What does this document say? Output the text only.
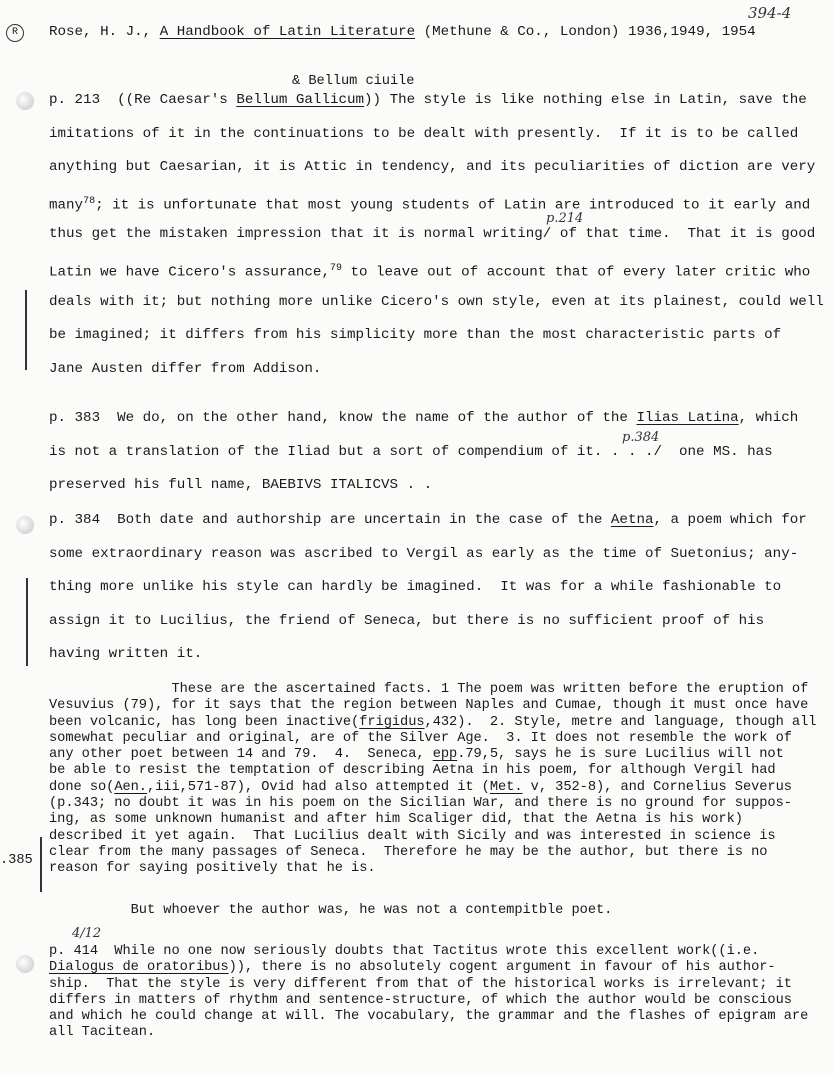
394-4
R	Rose, H. J., A Handbook of Latin Literature (Methune & Co., London) 1936,1949, 1954
& Bellum ciuile
p. 213  ((Re Caesar's Bellum Gallicum)) The style is like nothing else in Latin, save the
imitations of it in the continuations to be dealt with presently.  If it is to be called
anything but Caesarian, it is Attic in tendency, and its peculiarities of diction are very
many$^{78}$; it is unfortunate that most young students of Latin are introduced to it early and
thus get the mistaken impression that it is normal writing/ of that time.  That it is good
Latin we have Cicero's assurance,$^{79}$ to leave out of account that of every later critic who
deals with it; but nothing more unlike Cicero's own style, even at its plainest, could well
be imagined; it differs from his simplicity more than the most characteristic parts of
Jane Austen differ from Addison.
p.214
p. 383  We do, on the other hand, know the name of the author of the Ilias Latina, which
is not a translation of the Iliad but a sort of compendium of it. . . ./  one MS. has
preserved his full name, BAEBIVS ITALICVS . .
p.384
p. 384  Both date and authorship are uncertain in the case of the Aetna, a poem which for
some extraordinary reason was ascribed to Vergil as early as the time of Suetonius; any-
thing more unlike his style can hardly be imagined.  It was for a while fashionable to
assign it to Lucilius, the friend of Seneca, but there is no sufficient proof of his
having written it.
These are the ascertained facts. 1 The poem was written before the eruption of
Vesuvius (79), for it says that the region between Naples and Cumae, though it must once have
been volcanic, has long been inactive(frigidus,432).  2. Style, metre and language, though all
somewhat peculiar and original, are of the Silver Age.  3. It does not resemble the work of
any other poet between 14 and 79.  4.  Seneca, epp.79,5, says he is sure Lucilius will not
be able to resist the temptation of describing Aetna in his poem, for although Vergil had
done so(Aen.,iii,571-87), Ovid had also attempted it (Met. v, 352-8), and Cornelius Severus
(p.343; no doubt it was in his poem on the Sicilian War, and there is no ground for suppos-
ing, as some unknown humanist and after him Scaliger did, that the Aetna is his work)
described it yet again.  That Lucilius dealt with Sicily and was interested in science is
clear from the many passages of Seneca.  Therefore he may be the author, but there is no
reason for saying positively that he is.
.385
But whoever the author was, he was not a contempitble poet.
4/12
p. 414  While no one now seriously doubts that Tactitus wrote this excellent work((i.e.
Dialogus de oratoribus)), there is no absolutely cogent argument in favour of his author-
ship.  That the style is very different from that of the historical works is irrelevant; it
differs in matters of rhythm and sentence-structure, of which the author would be conscious
and which he could change at will. The vocabulary, the grammar and the flashes of epigram are
all Tacitean.
